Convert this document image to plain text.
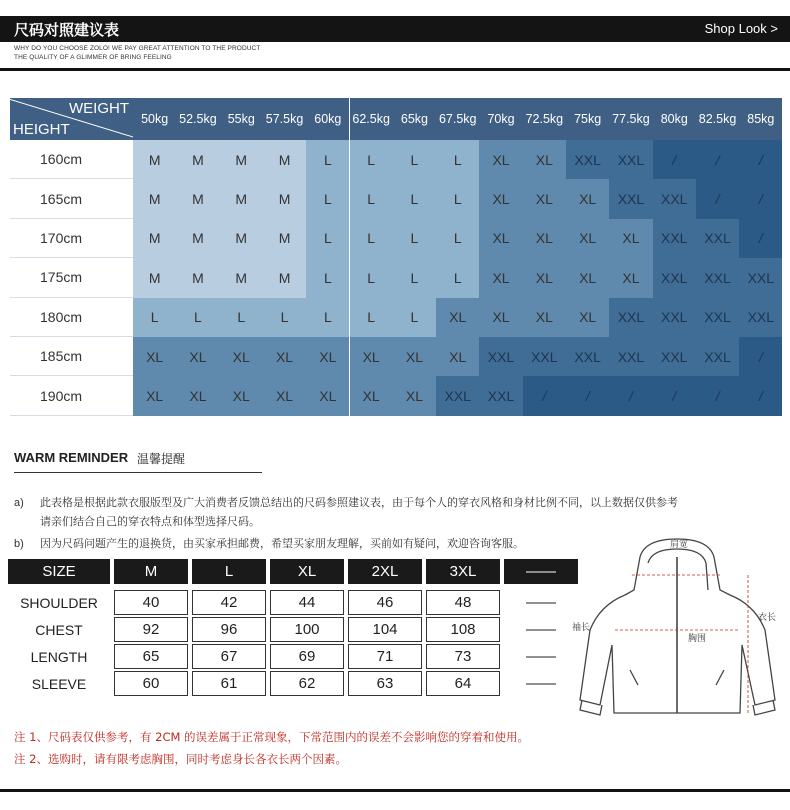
尺码对照建议表	Shop Look >
WHY DO YOU CHOOSE ZOLO! WE PAY GREAT ATTENTION TO THE PRODUCT
THE QUALITY OF A GLIMMER OF BRING FEELING
WEIGHT
HEIGHT
50kg 52.5kg 55kg 57.5kg 60kg 62.5kg 65kg 67.5kg 70kg 72.5kg 75kg 77.5kg 80kg 82.5kg 85kg
160cm	M	M	M	M	L	L	L	L	XL	XL	XXL	XXL	/	/	/
165cm	M	M	M	M	L	L	L	L	XL	XL	XL	XXL	XXL	/	/
170cm	M	M	M	M	L	L	L	L	XL	XL	XL	XL	XXL	XXL	/
175cm	M	M	M	M	L	L	L	L	XL	XL	XL	XL	XXL	XXL	XXL
180cm	L	L	L	L	L	L	L	XL	XL	XL	XL	XXL	XXL	XXL	XXL
185cm	XL	XL	XL	XL	XL	XL	XL	XL	XXL	XXL	XXL	XXL	XXL	XXL	/
190cm	XL	XL	XL	XL	XL	XL	XL	XXL	XXL	/	/	/	/	/	/
WARM REMINDER 温馨提醒
a) 此表格是根据此款衣服版型及广大消费者反馈总结出的尺码参照建议表，由于每个人的穿衣风格和身材比例不同，以上数据仅供参考
请亲们结合自己的穿衣特点和体型选择尺码。
b) 因为尺码问题产生的退换货，由买家承担邮费，希望买家朋友理解，买前如有疑问，欢迎咨询客服。
SIZE	M	L	XL	2XL	3XL	——
SHOULDER	40	42	44	46	48	——
CHEST	92	96	100	104	108	——
LENGTH	65	67	69	71	73	——
SLEEVE	60	61	62	63	64	——
肩宽
袖长
胸围
衣长
注 1、尺码表仅供参考，有 2CM 的误差属于正常现象，下常范围内的误差不会影响您的穿着和使用。
注 2、选购时，请有限考虑胸围，同时考虑身长各衣长两个因素。
